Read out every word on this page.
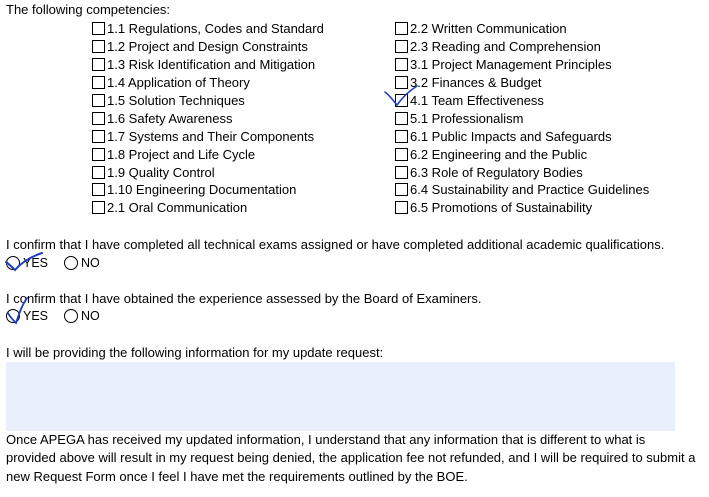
The following competencies:
1.1 Regulations, Codes and Standard
1.2 Project and Design Constraints
1.3 Risk Identification and Mitigation
1.4 Application of Theory
1.5 Solution Techniques
1.6 Safety Awareness
1.7 Systems and Their Components
1.8 Project and Life Cycle
1.9 Quality Control
1.10 Engineering Documentation
2.1 Oral Communication
2.2 Written Communication
2.3 Reading and Comprehension
3.1 Project Management Principles
3.2 Finances & Budget
4.1 Team Effectiveness
5.1 Professionalism
6.1 Public Impacts and Safeguards
6.2 Engineering and the Public
6.3 Role of Regulatory Bodies
6.4 Sustainability and Practice Guidelines
6.5 Promotions of Sustainability
I confirm that I have completed all technical exams assigned or have completed additional academic qualifications.
YES	NO
I confirm that I have obtained the experience assessed by the Board of Examiners.
YES	NO
I will be providing the following information for my update request:
Once APEGA has received my updated information, I understand that any information that is different to what is provided above will result in my request being denied, the application fee not refunded, and I will be required to submit a new Request Form once I feel I have met the requirements outlined by the BOE.
